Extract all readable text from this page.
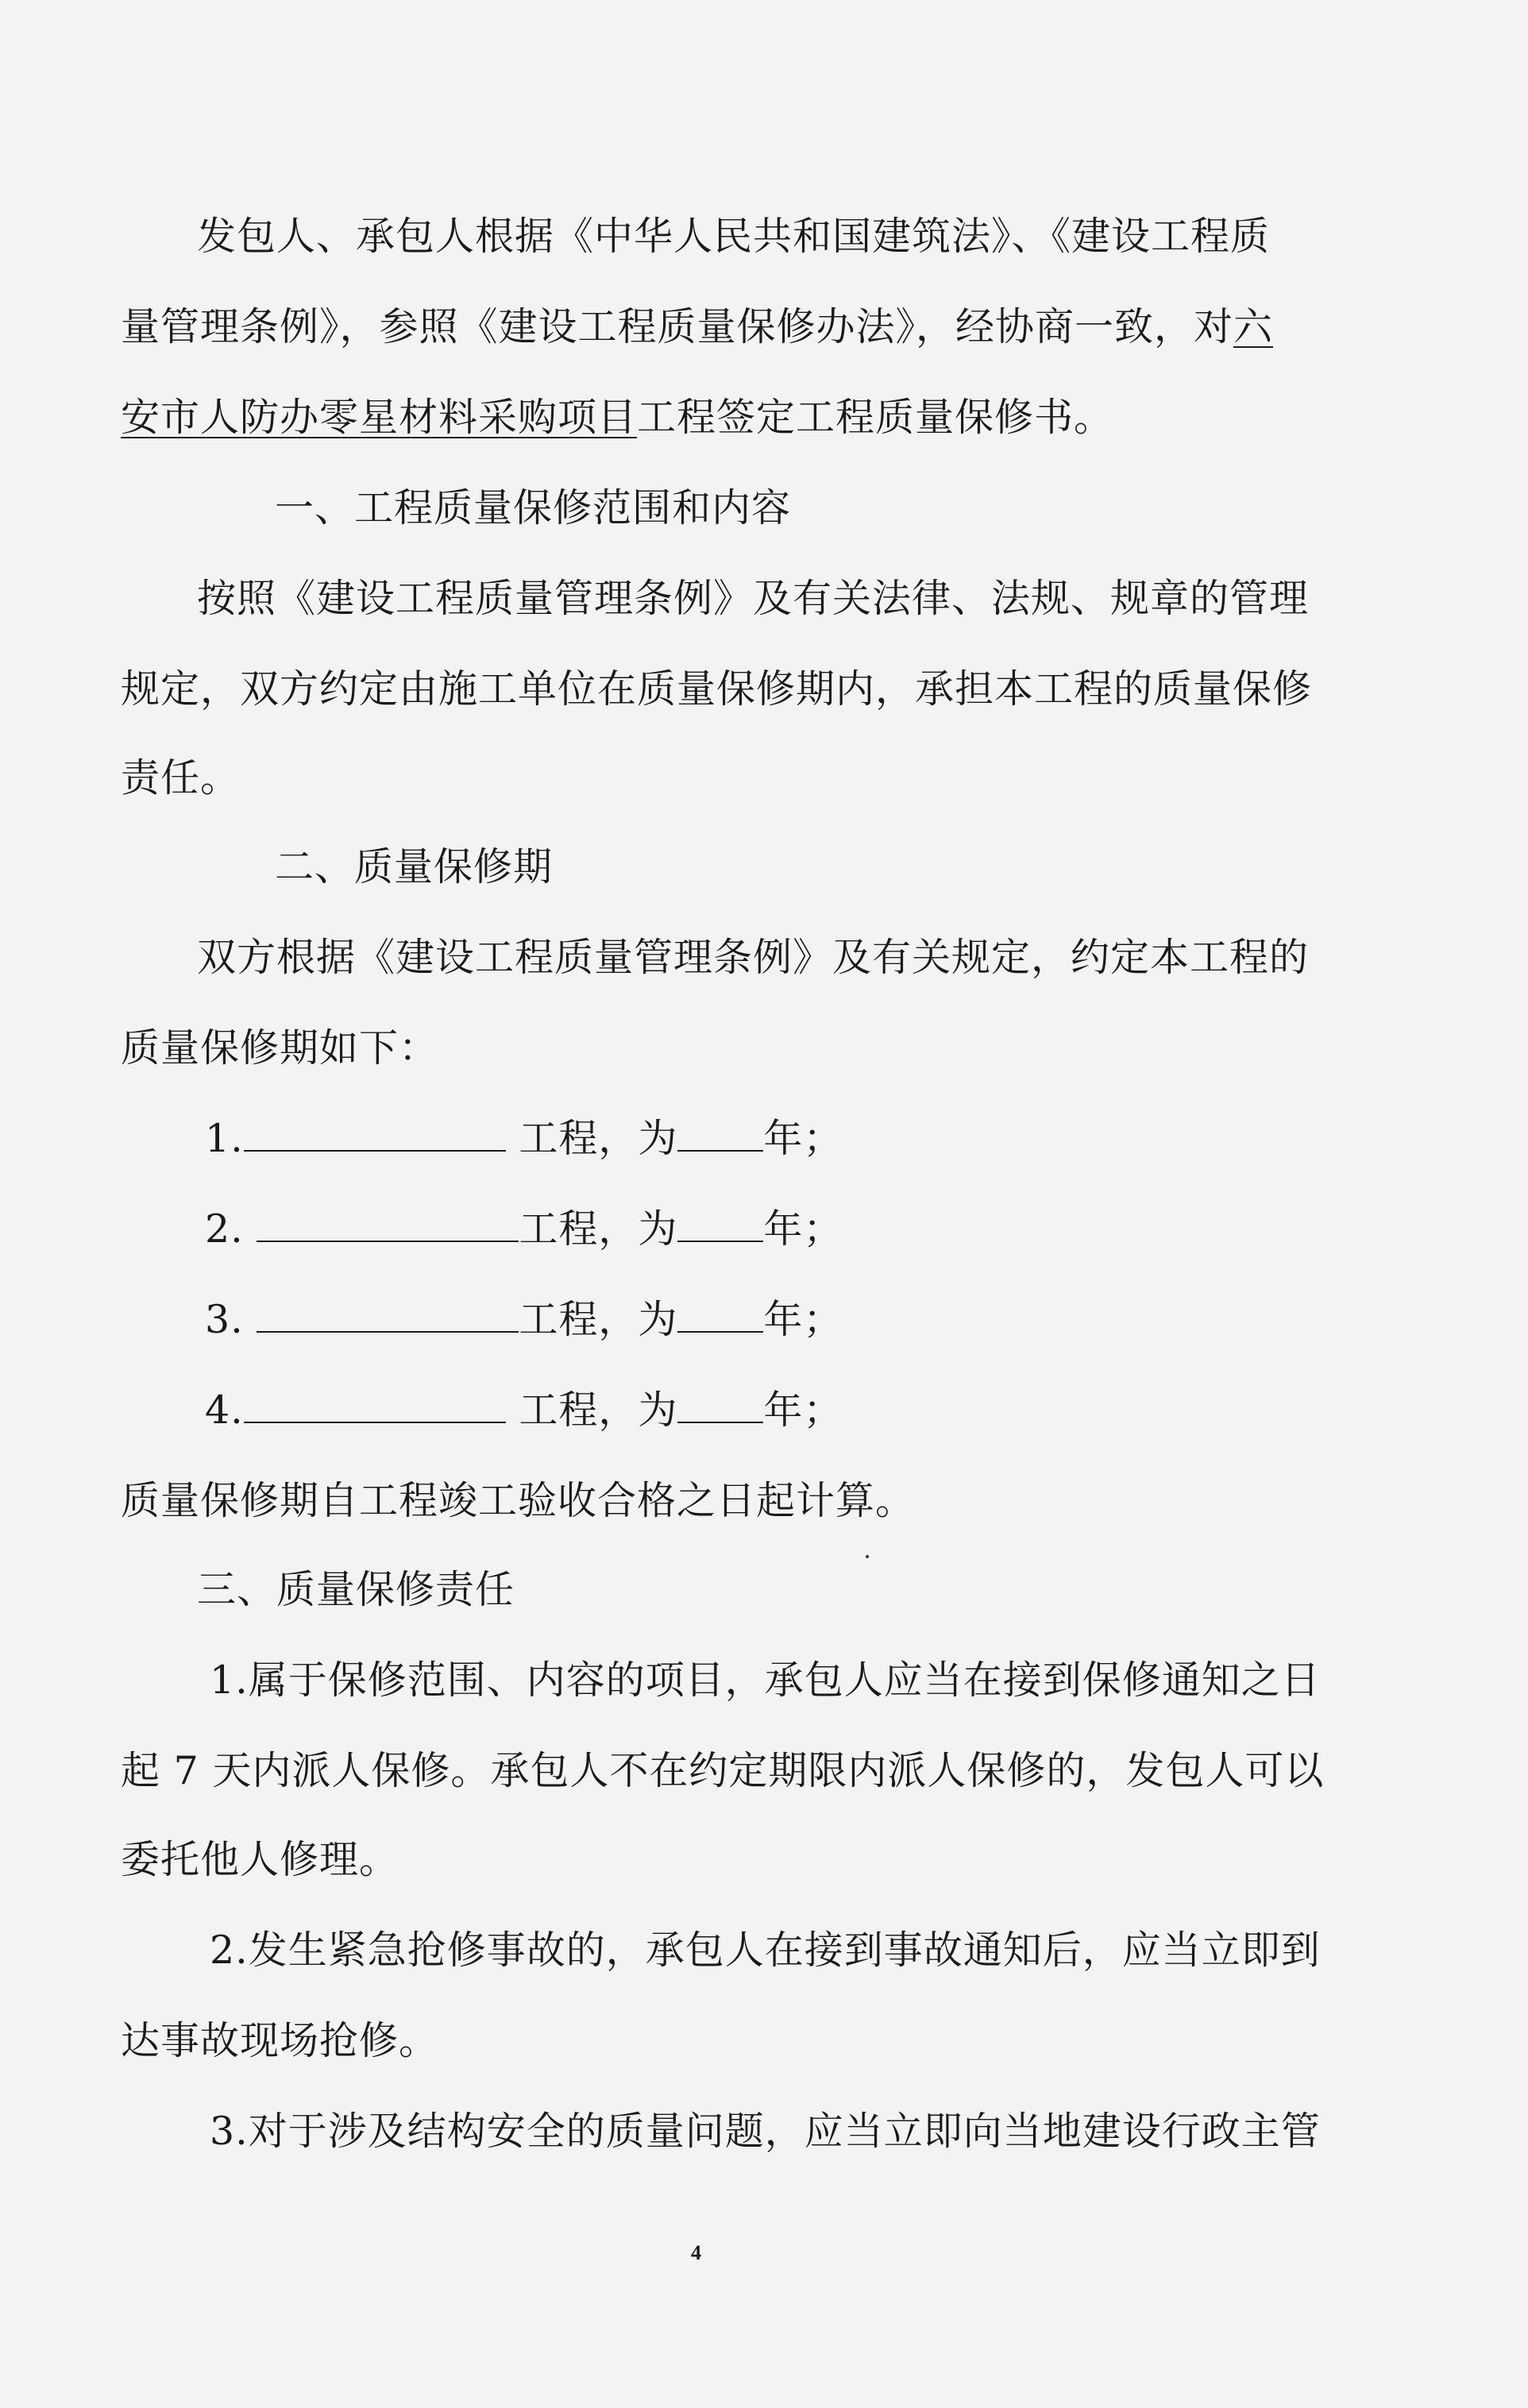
发包人、承包人根据《中华人民共和国建筑法》、《建设工程质
量管理条例》，参照《建设工程质量保修办法》，经协商一致，对六
安市人防办零星材料采购项目工程签定工程质量保修书。
一、工程质量保修范围和内容
按照《建设工程质量管理条例》及有关法律、法规、规章的管理
规定，双方约定由施工单位在质量保修期内，承担本工程的质量保修
责任。
二、质量保修期
双方根据《建设工程质量管理条例》及有关规定，约定本工程的
质量保修期如下：
1.	工程，为 年；
2.	工程，为 年；
3.	工程，为 年；
4.	工程，为 年；
质量保修期自工程竣工验收合格之日起计算。
三、质量保修责任
1.属于保修范围、内容的项目，承包人应当在接到保修通知之日
起 7 天内派人保修。承包人不在约定期限内派人保修的，发包人可以
委托他人修理。
2.发生紧急抢修事故的，承包人在接到事故通知后，应当立即到
达事故现场抢修。
3.对于涉及结构安全的质量问题，应当立即向当地建设行政主管
4
